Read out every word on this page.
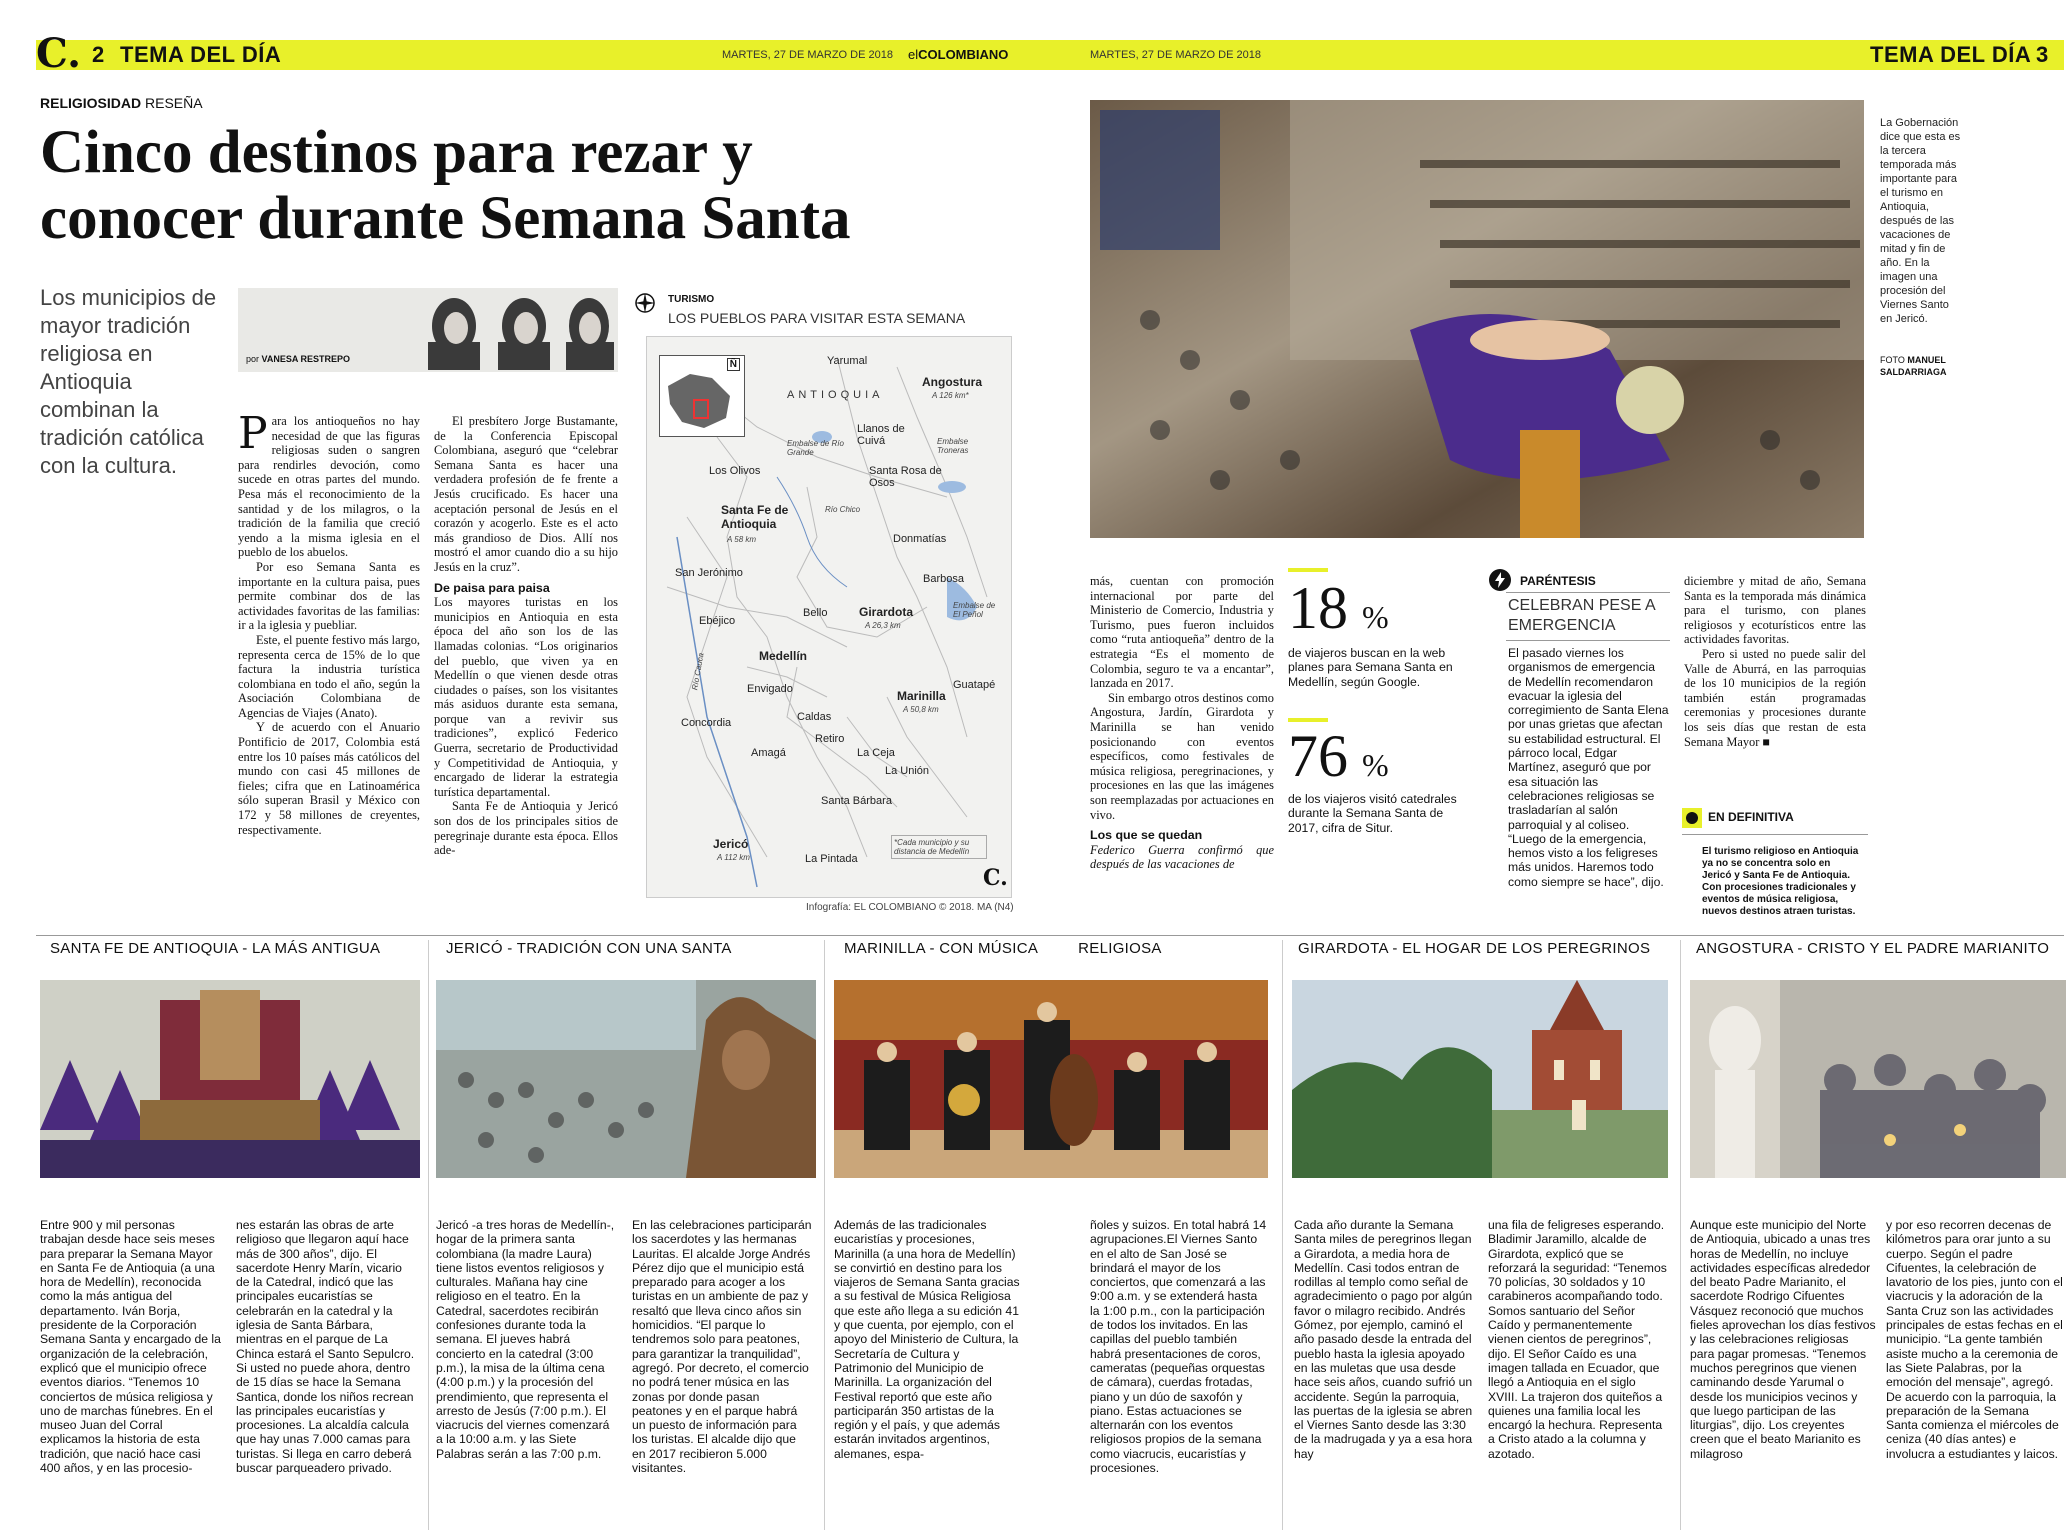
C. 2 TEMA DEL DÍA	MARTES, 27 DE MARZO DE 2018 elCOLOMBIANO	MARTES, 27 DE MARZO DE 2018	TEMA DEL DÍA 3
RELIGIOSIDAD RESEÑA
Cinco destinos para rezar y
conocer durante Semana Santa
Los municipios de mayor tradición religiosa en Antioquia combinan la tradición católica con la cultura.
por VANESA RESTREPO

Para los antioqueños no hay necesidad de que las figuras religiosas suden o sangren para rendirles devoción, como sucede en otras partes del mundo. Pesa más el reconocimiento de la santidad y de los milagros, o la tradición de la familia que creció yendo a la misma iglesia en el pueblo de los abuelos.

Por eso Semana Santa es importante en la cultura paisa, pues permite combinar dos de las actividades favoritas de las familias: ir a la iglesia y puebliar.

Este, el puente festivo más largo, representa cerca de 15% de lo que factura la industria turística colombiana en todo el año, según la Asociación Colombiana de Agencias de Viajes (Anato).

Y de acuerdo con el Anuario Pontificio de 2017, Colombia está entre los 10 países más católicos del mundo con casi 45 millones de fieles; cifra que en Latinoamérica sólo superan Brasil y México con 172 y 58 millones de creyentes, respectivamente.

El presbítero Jorge Bustamante, de la Conferencia Episcopal Colombiana, aseguró que “celebrar Semana Santa es hacer una verdadera profesión de fe frente a Jesús crucificado. Es hacer una aceptación personal de Jesús en el corazón y acogerlo. Este es el acto más grandioso de Dios. Allí nos mostró el amor cuando dio a su hijo Jesús en la cruz”.

De paisa para paisa

Los mayores turistas en los municipios en Antioquia en esta época del año son los de las llamadas colonias. “Los originarios del pueblo, que viven ya en Medellín o que vienen desde otras ciudades o países, son los visitantes más asiduos durante esta semana, porque van a revivir sus tradiciones”, explicó Federico Guerra, secretario de Productividad y Competitividad de Antioquia, y encargado de liderar la estrategia turística departamental.

Santa Fe de Antioquia y Jericó son dos de los principales sitios de peregrinaje durante esta época. Ellos ade-

TURISMO
LOS PUEBLOS PARA VISITAR ESTA SEMANA
Ñ
ANTIOQUIA
Yarumal
Angostura
A 126 km*
Embalse de Río Grande
Llanos de Cuivá	Embalse Troneras
Los Olivos	Santa Rosa de Osos
Santa Fe de Antioquia
A 58 km
Río Chico
Donmatías
San Jerónimo	Barbosa
Embalse de El Peñol
Ebéjico
Bello	Girardota
A 26,3 km
Medellín
Río Cauca	Guatapé
Envigado	Marinilla
A 50,8 km
Caldas
Concordia
Retiro
Amagá	La Ceja
La Unión
Santa Bárbara
Jericó
A 112 km	La Pintada
*Cada municipio y su distancia de Medellín
C.
Infografía: EL COLOMBIANO © 2018. MA (N4)
La Gobernación dice que esta es la tercera temporada más importante para el turismo en Antioquia, después de las vacaciones de mitad y fin de año. En la imagen una procesión del Viernes Santo en Jericó.
FOTO MANUEL SALDARRIAGA

más, cuentan con promoción internacional por parte del Ministerio de Comercio, Industria y Turismo, pues fueron incluidos como “ruta antioqueña” dentro de la estrategia “Es el momento de Colombia, seguro te va a encantar”, lanzada en 2017.

Sin embargo otros destinos como Angostura, Jardín, Girardota y Marinilla se han venido posicionando con eventos específicos, como festivales de música religiosa, peregrinaciones, y procesiones en las que las imágenes son reemplazadas por actuaciones en vivo.

Los que se quedan

Federico Guerra confirmó que después de las vacaciones de

18 %
de viajeros buscan en la web planes para Semana Santa en Medellín, según Google.
76 %
de los viajeros visitó catedrales durante la Semana Santa de 2017, cifra de Situr.
PARÉNTESIS
CELEBRAN PESE A EMERGENCIA
El pasado viernes los organismos de emergencia de Medellín recomendaron evacuar la iglesia del corregimiento de Santa Elena por unas grietas que afectan su estabilidad estructural. El párroco local, Edgar Martínez, aseguró que por esa situación las celebraciones religiosas se trasladarían al salón parroquial y al coliseo. “Luego de la emergencia, hemos visto a los feligreses más unidos. Haremos todo como siempre se hace”, dijo.

diciembre y mitad de año, Semana Santa es la temporada más dinámica para el turismo, con planes religiosos y ecoturísticos entre las actividades favoritas.

Pero si usted no puede salir del Valle de Aburrá, en las parroquias de los 10 municipios de la región también están programadas ceremonias y procesiones durante los seis días que restan de esta Semana Mayor ■

EN DEFINITIVA
El turismo religioso en Antioquia ya no se concentra solo en Jericó y Santa Fe de Antioquia. Con procesiones tradicionales y eventos de música religiosa, nuevos destinos atraen turistas.
SANTA FE DE ANTIOQUIA - LA MÁS ANTIGUA
Entre 900 y mil personas trabajan desde hace seis meses para preparar la Semana Mayor en Santa Fe de Antioquia (a una hora de Medellín), reconocida como la más antigua del departamento. Iván Borja, presidente de la Corporación Semana Santa y encargado de la organización de la celebración, explicó que el municipio ofrece eventos diarios. “Tenemos 10 conciertos de música religiosa y uno de marchas fúnebres. En el museo Juan del Corral explicamos la historia de esta tradición, que nació hace casi 400 años, y en las procesio-
nes estarán las obras de arte religioso que llegaron aquí hace más de 300 años”, dijo. El sacerdote Henry Marín, vicario de la Catedral, indicó que las principales eucaristías se celebrarán en la catedral y la iglesia de Santa Bárbara, mientras en el parque de La Chinca estará el Santo Sepulcro. Si usted no puede ahora, dentro de 15 días se hace la Semana Santica, donde los niños recrean las principales eucaristías y procesiones. La alcaldía calcula que hay unas 7.000 camas para turistas. Si llega en carro deberá buscar parqueadero privado.
JERICÓ - TRADICIÓN CON UNA SANTA
Jericó -a tres horas de Medellín-, hogar de la primera santa colombiana (la madre Laura) tiene listos eventos religiosos y culturales. Mañana hay cine religioso en el teatro. En la Catedral, sacerdotes recibirán confesiones durante toda la semana. El jueves habrá concierto en la catedral (3:00 p.m.), la misa de la última cena (4:00 p.m.) y la procesión del prendimiento, que representa el arresto de Jesús (7:00 p.m.). El viacrucis del viernes comenzará a la 10:00 a.m. y las Siete Palabras serán a las 7:00 p.m.
En las celebraciones participarán los sacerdotes y las hermanas Lauritas. El alcalde Jorge Andrés Pérez dijo que el municipio está preparado para acoger a los turistas en un ambiente de paz y resaltó que lleva cinco años sin homicidios. “El parque lo tendremos solo para peatones, para garantizar la tranquilidad”, agregó. Por decreto, el comercio no podrá tener música en las zonas por donde pasan peatones y en el parque habrá un puesto de información para los turistas. El alcalde dijo que en 2017 recibieron 5.000 visitantes.
MARINILLA - CON MÚSICA	RELIGIOSA
Además de las tradicionales eucaristías y procesiones, Marinilla (a una hora de Medellín) se convirtió en destino para los viajeros de Semana Santa gracias a su festival de Música Religiosa que este año llega a su edición 41 y que cuenta, por ejemplo, con el apoyo del Ministerio de Cultura, la Secretaría de Cultura y Patrimonio del Municipio de Marinilla. La organización del Festival reportó que este año participarán 350 artistas de la región y el país, y que además estarán invitados argentinos, alemanes, espa-
ñoles y suizos. En total habrá 14 agrupaciones.El Viernes Santo en el alto de San José se brindará el mayor de los conciertos, que comenzará a las 9:00 a.m. y se extenderá hasta la 1:00 p.m., con la participación de todos los invitados. En las capillas del pueblo también habrá presentaciones de coros, cameratas (pequeñas orquestas de cámara), cuerdas frotadas, piano y un dúo de saxofón y piano. Estas actuaciones se alternarán con los eventos religiosos propios de la semana como viacrucis, eucaristías y procesiones.
GIRARDOTA - EL HOGAR DE LOS PEREGRINOS
Cada año durante la Semana Santa miles de peregrinos llegan a Girardota, a media hora de Medellín. Casi todos entran de rodillas al templo como señal de agradecimiento o pago por algún favor o milagro recibido. Andrés Gómez, por ejemplo, caminó el año pasado desde la entrada del pueblo hasta la iglesia apoyado en las muletas que usa desde hace seis años, cuando sufrió un accidente. Según la parroquia, las puertas de la iglesia se abren el Viernes Santo desde las 3:30 de la madrugada y ya a esa hora hay
una fila de feligreses esperando. Bladimir Jaramillo, alcalde de Girardota, explicó que se reforzará la seguridad: “Tenemos 70 policías, 30 soldados y 10 carabineros acompañando todo. Somos santuario del Señor Caído y permanentemente vienen cientos de peregrinos”, dijo. El Señor Caído es una imagen tallada en Ecuador, que llegó a Antioquia en el siglo XVIII. La trajeron dos quiteños a quienes una familia local les encargó la hechura. Representa a Cristo atado a la columna y azotado.
ANGOSTURA - CRISTO Y EL PADRE MARIANITO
Aunque este municipio del Norte de Antioquia, ubicado a unas tres horas de Medellín, no incluye actividades específicas alrededor del beato Padre Marianito, el sacerdote Rodrigo Cifuentes Vásquez reconoció que muchos fieles aprovechan los días festivos y las celebraciones religiosas para pagar promesas. “Tenemos muchos peregrinos que vienen caminando desde Yarumal o desde los municipios vecinos y que luego participan de las liturgias”, dijo. Los creyentes creen que el beato Marianito es milagroso
y por eso recorren decenas de kilómetros para orar junto a su cuerpo. Según el padre Cifuentes, la celebración de lavatorio de los pies, junto con el viacrucis y la adoración de la Santa Cruz son las actividades principales de estas fechas en el municipio. “La gente también asiste mucho a la ceremonia de las Siete Palabras, por la emoción del mensaje”, agregó. De acuerdo con la parroquia, la preparación de la Semana Santa comienza el miércoles de ceniza (40 días antes) e involucra a estudiantes y laicos.
